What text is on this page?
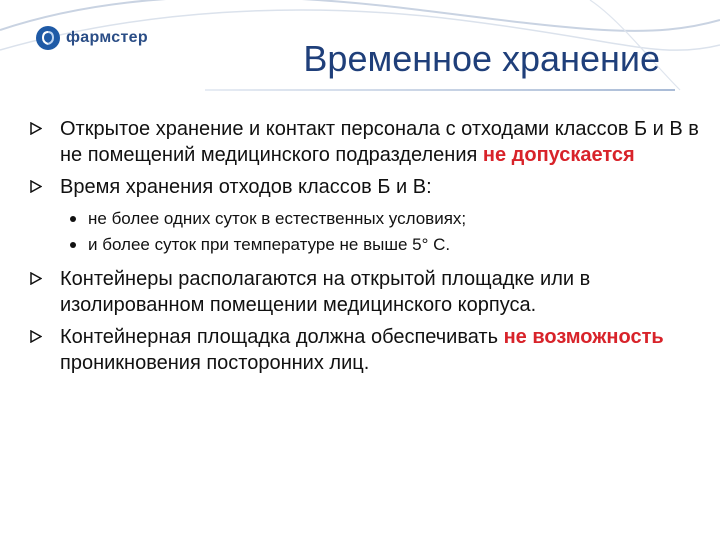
фармстер
Временное хранение
Открытое хранение и контакт персонала с отходами классов Б и В в не помещений медицинского подразделения не допускается
Время хранения отходов классов Б и В:
не более одних суток в естественных условиях;
и более суток при температуре не выше 5° С.
Контейнеры располагаются на открытой площадке или в изолированном помещении медицинского корпуса.
Контейнерная площадка должна обеспечивать не возможность проникновения посторонних лиц.
